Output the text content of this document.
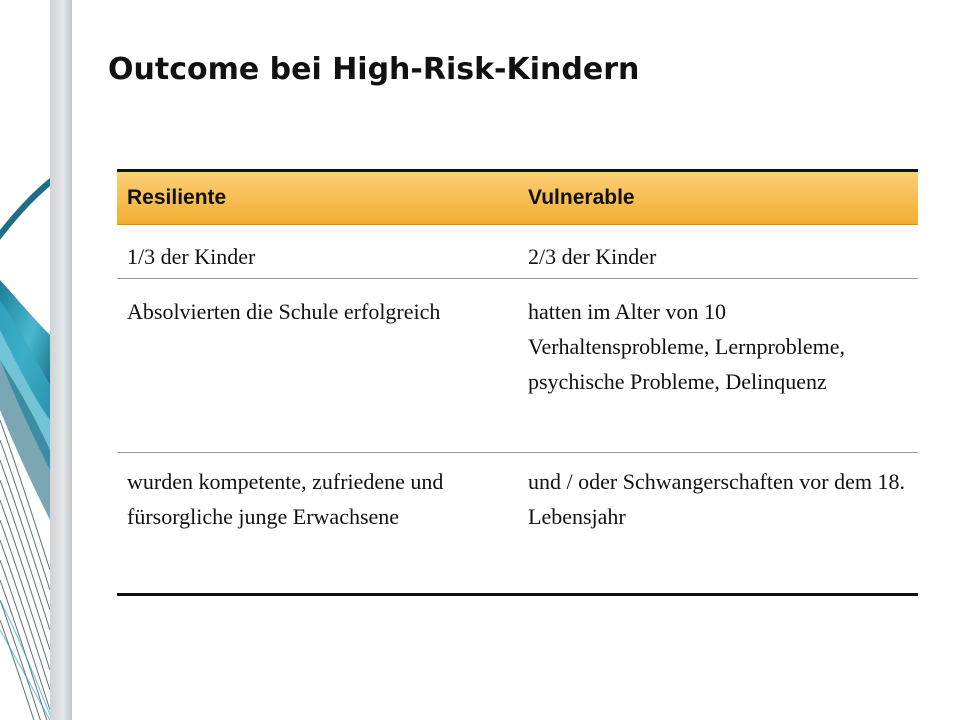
Outcome bei High-Risk-Kindern
Resiliente	Vulnerable
1/3 der Kinder	2/3 der Kinder
Absolvierten die Schule erfolgreich	hatten im Alter von 10 Verhaltensprobleme, Lernprobleme, psychische Probleme, Delinquenz
wurden kompetente, zufriedene und fürsorgliche junge Erwachsene	und / oder Schwangerschaften vor dem 18. Lebensjahr
